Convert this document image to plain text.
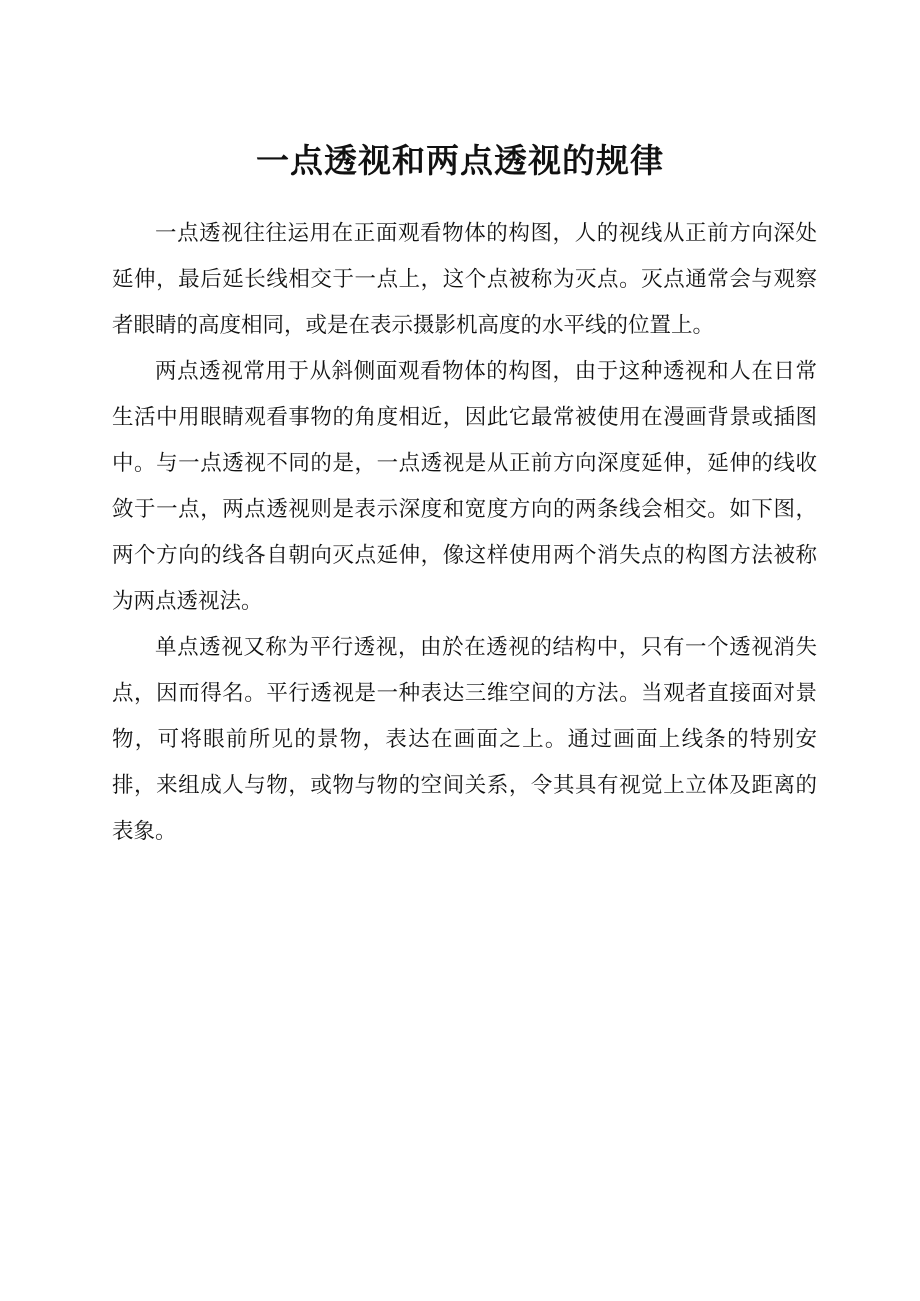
一点透视和两点透视的规律

一点透视往往运用在正面观看物体的构图，人的视线从正前方向深处延伸，最后延长线相交于一点上，这个点被称为灭点。灭点通常会与观察者眼睛的高度相同，或是在表示摄影机高度的水平线的位置上。

两点透视常用于从斜侧面观看物体的构图，由于这种透视和人在日常生活中用眼睛观看事物的角度相近，因此它最常被使用在漫画背景或插图中。与一点透视不同的是，一点透视是从正前方向深度延伸，延伸的线收敛于一点，两点透视则是表示深度和宽度方向的两条线会相交。如下图，两个方向的线各自朝向灭点延伸，像这样使用两个消失点的构图方法被称为两点透视法。

单点透视又称为平行透视，由於在透视的结构中，只有一个透视消失点，因而得名。平行透视是一种表达三维空间的方法。当观者直接面对景物，可将眼前所见的景物，表达在画面之上。通过画面上线条的特别安排，来组成人与物，或物与物的空间关系，令其具有视觉上立体及距离的表象。
